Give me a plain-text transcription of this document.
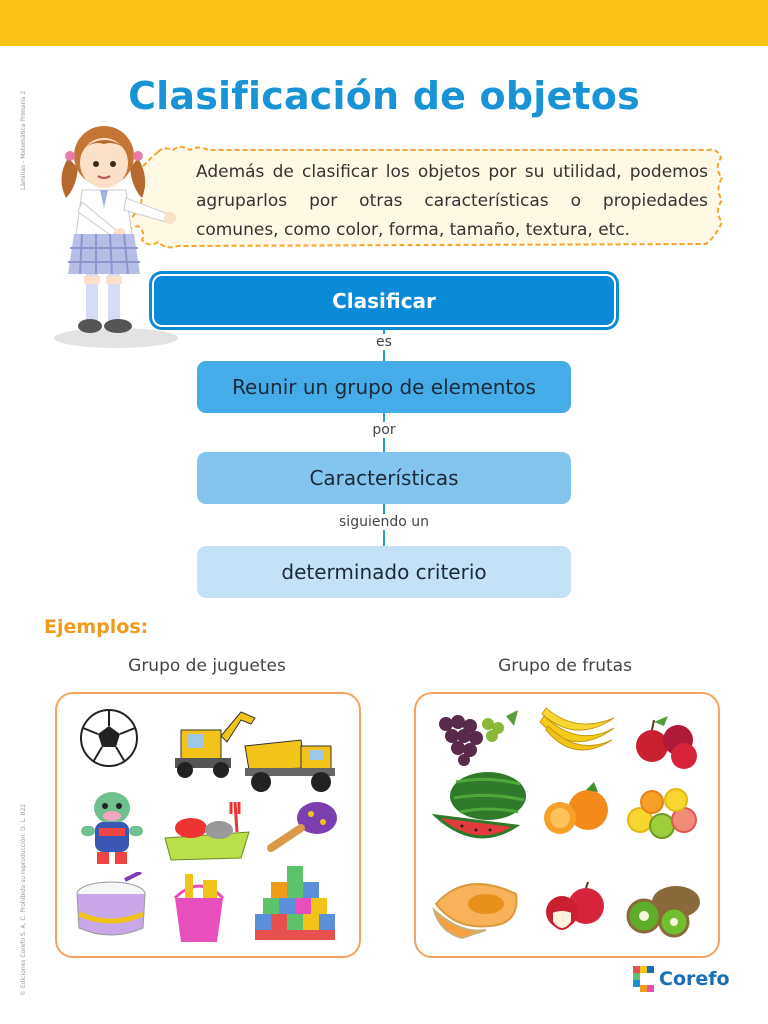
Láminas - Matemática Primaria 2
© Ediciones Corefo S. A. C. Prohibida su reproducción. D. L. 822
Clasificación de objetos
Además de clasificar los objetos por su utilidad, podemos agruparlos por otras características o propiedades comunes, como color, forma, tamaño, textura, etc.
Clasificar
es
Reunir un grupo de elementos
por
Características
siguiendo un
determinado criterio
Ejemplos:
Grupo de juguetes	Grupo de frutas
Corefo
